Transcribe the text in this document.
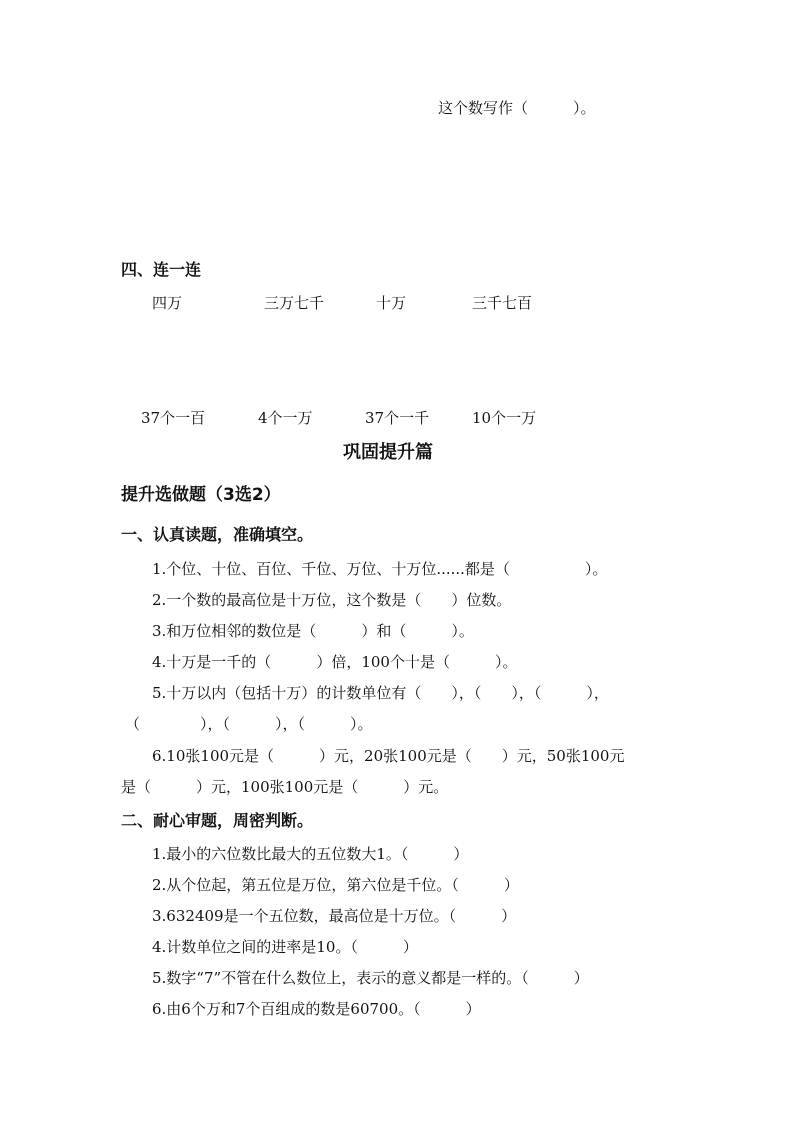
这个数写作（　　　）。
四、连一连
四万	三万七千	十万	三千七百
37个一百	4个一万	37个一千	10个一万
巩固提升篇
提升选做题（3选2）
一、认真读题，准确填空。
1.个位、十位、百位、千位、万位、十万位......都是（　　　　　）。
2.一个数的最高位是十万位，这个数是（　　）位数。
3.和万位相邻的数位是（　　　）和（　　　）。
4.十万是一千的（　　　）倍，100个十是（　　　）。
5.十万以内（包括十万）的计数单位有（　　），（　　），（　　　），
（　　　　），（　　　），（　　　）。
6.10张100元是（　　　）元，20张100元是（　　）元，50张100元
是（　　　）元，100张100元是（　　　）元。
二、耐心审题，周密判断。
1.最小的六位数比最大的五位数大1。（　　　）
2.从个位起，第五位是万位，第六位是千位。（　　　）
3.632409是一个五位数，最高位是十万位。（　　　）
4.计数单位之间的进率是10。（　　　）
5.数字“7”不管在什么数位上，表示的意义都是一样的。（　　　）
6.由6个万和7个百组成的数是60700。（　　　）
